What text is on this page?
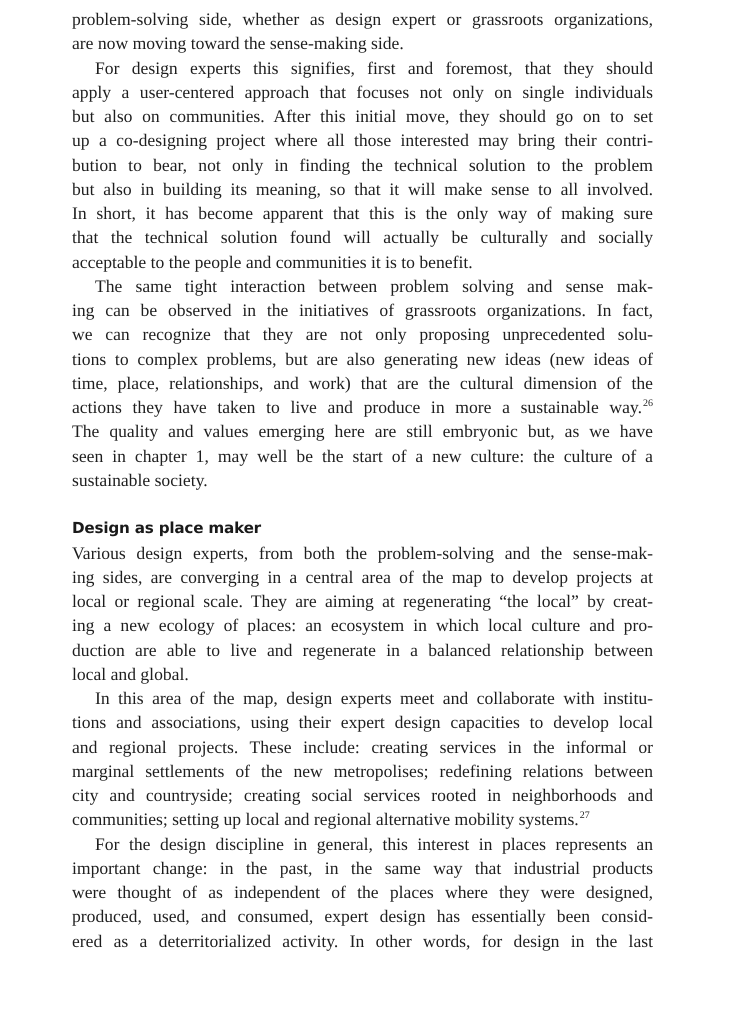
problem-solving side, whether as design expert or grassroots organizations,
are now moving toward the sense-making side.
For design experts this signifies, first and foremost, that they should
apply a user-centered approach that focuses not only on single individuals
but also on communities. After this initial move, they should go on to set
up a co-designing project where all those interested may bring their contri-
bution to bear, not only in finding the technical solution to the problem
but also in building its meaning, so that it will make sense to all involved.
In short, it has become apparent that this is the only way of making sure
that the technical solution found will actually be culturally and socially
acceptable to the people and communities it is to benefit.
The same tight interaction between problem solving and sense mak-
ing can be observed in the initiatives of grassroots organizations. In fact,
we can recognize that they are not only proposing unprecedented solu-
tions to complex problems, but are also generating new ideas (new ideas of
time, place, relationships, and work) that are the cultural dimension of the
actions they have taken to live and produce in more a sustainable way.$^{26}$
The quality and values emerging here are still embryonic but, as we have
seen in chapter 1, may well be the start of a new culture: the culture of a
sustainable society.
Design as place maker
Various design experts, from both the problem-solving and the sense-mak-
ing sides, are converging in a central area of the map to develop projects at
local or regional scale. They are aiming at regenerating “the local” by creat-
ing a new ecology of places: an ecosystem in which local culture and pro-
duction are able to live and regenerate in a balanced relationship between
local and global.
In this area of the map, design experts meet and collaborate with institu-
tions and associations, using their expert design capacities to develop local
and regional projects. These include: creating services in the informal or
marginal settlements of the new metropolises; redefining relations between
city and countryside; creating social services rooted in neighborhoods and
communities; setting up local and regional alternative mobility systems.$^{27}$
For the design discipline in general, this interest in places represents an
important change: in the past, in the same way that industrial products
were thought of as independent of the places where they were designed,
produced, used, and consumed, expert design has essentially been consid-
ered as a deterritorialized activity. In other words, for design in the last
